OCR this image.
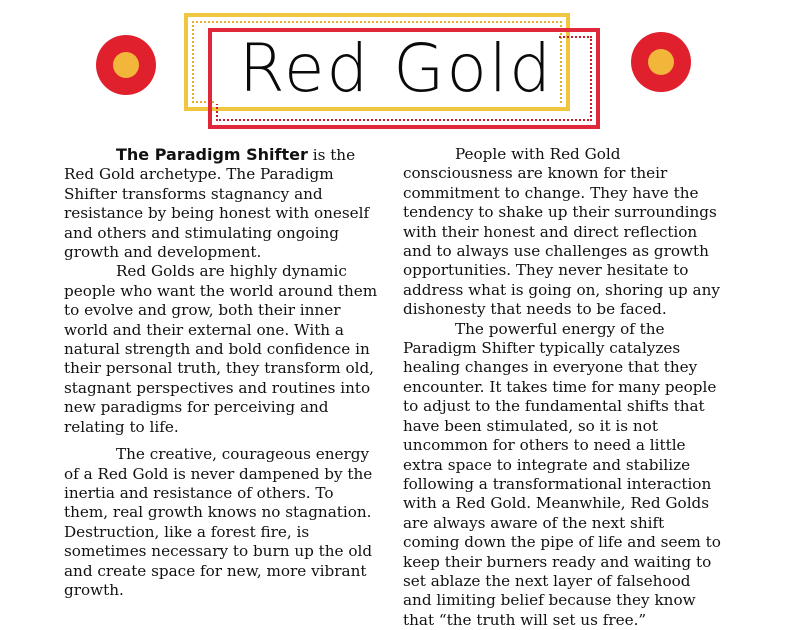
Red Gold

The Paradigm Shifter is the Red Gold archetype. The Paradigm Shifter transforms stagnancy and resistance by being honest with oneself and others and stimulating ongoing growth and development.

Red Golds are highly dynamic people who want the world around them to evolve and grow, both their inner world and their external one. With a natural strength and bold confidence in their personal truth, they transform old, stagnant perspectives and routines into new paradigms for perceiving and relating to life.

The creative, courageous energy of a Red Gold is never dampened by the inertia and resistance of others. To them, real growth knows no stagnation. Destruction, like a forest fire, is sometimes necessary to burn up the old and create space for new, more vibrant growth.

People with Red Gold consciousness are known for their commitment to change. They have the tendency to shake up their surroundings with their honest and direct reflection and to always use challenges as growth opportunities. They never hesitate to address what is going on, shoring up any dishonesty that needs to be faced.

The powerful energy of the Paradigm Shifter typically catalyzes healing changes in everyone that they encounter. It takes time for many people to adjust to the fundamental shifts that have been stimulated, so it is not uncommon for others to need a little extra space to integrate and stabilize following a transformational interaction with a Red Gold. Meanwhile, Red Golds are always aware of the next shift coming down the pipe of life and seem to keep their burners ready and waiting to set ablaze the next layer of falsehood and limiting belief because they know that “the truth will set us free.”
